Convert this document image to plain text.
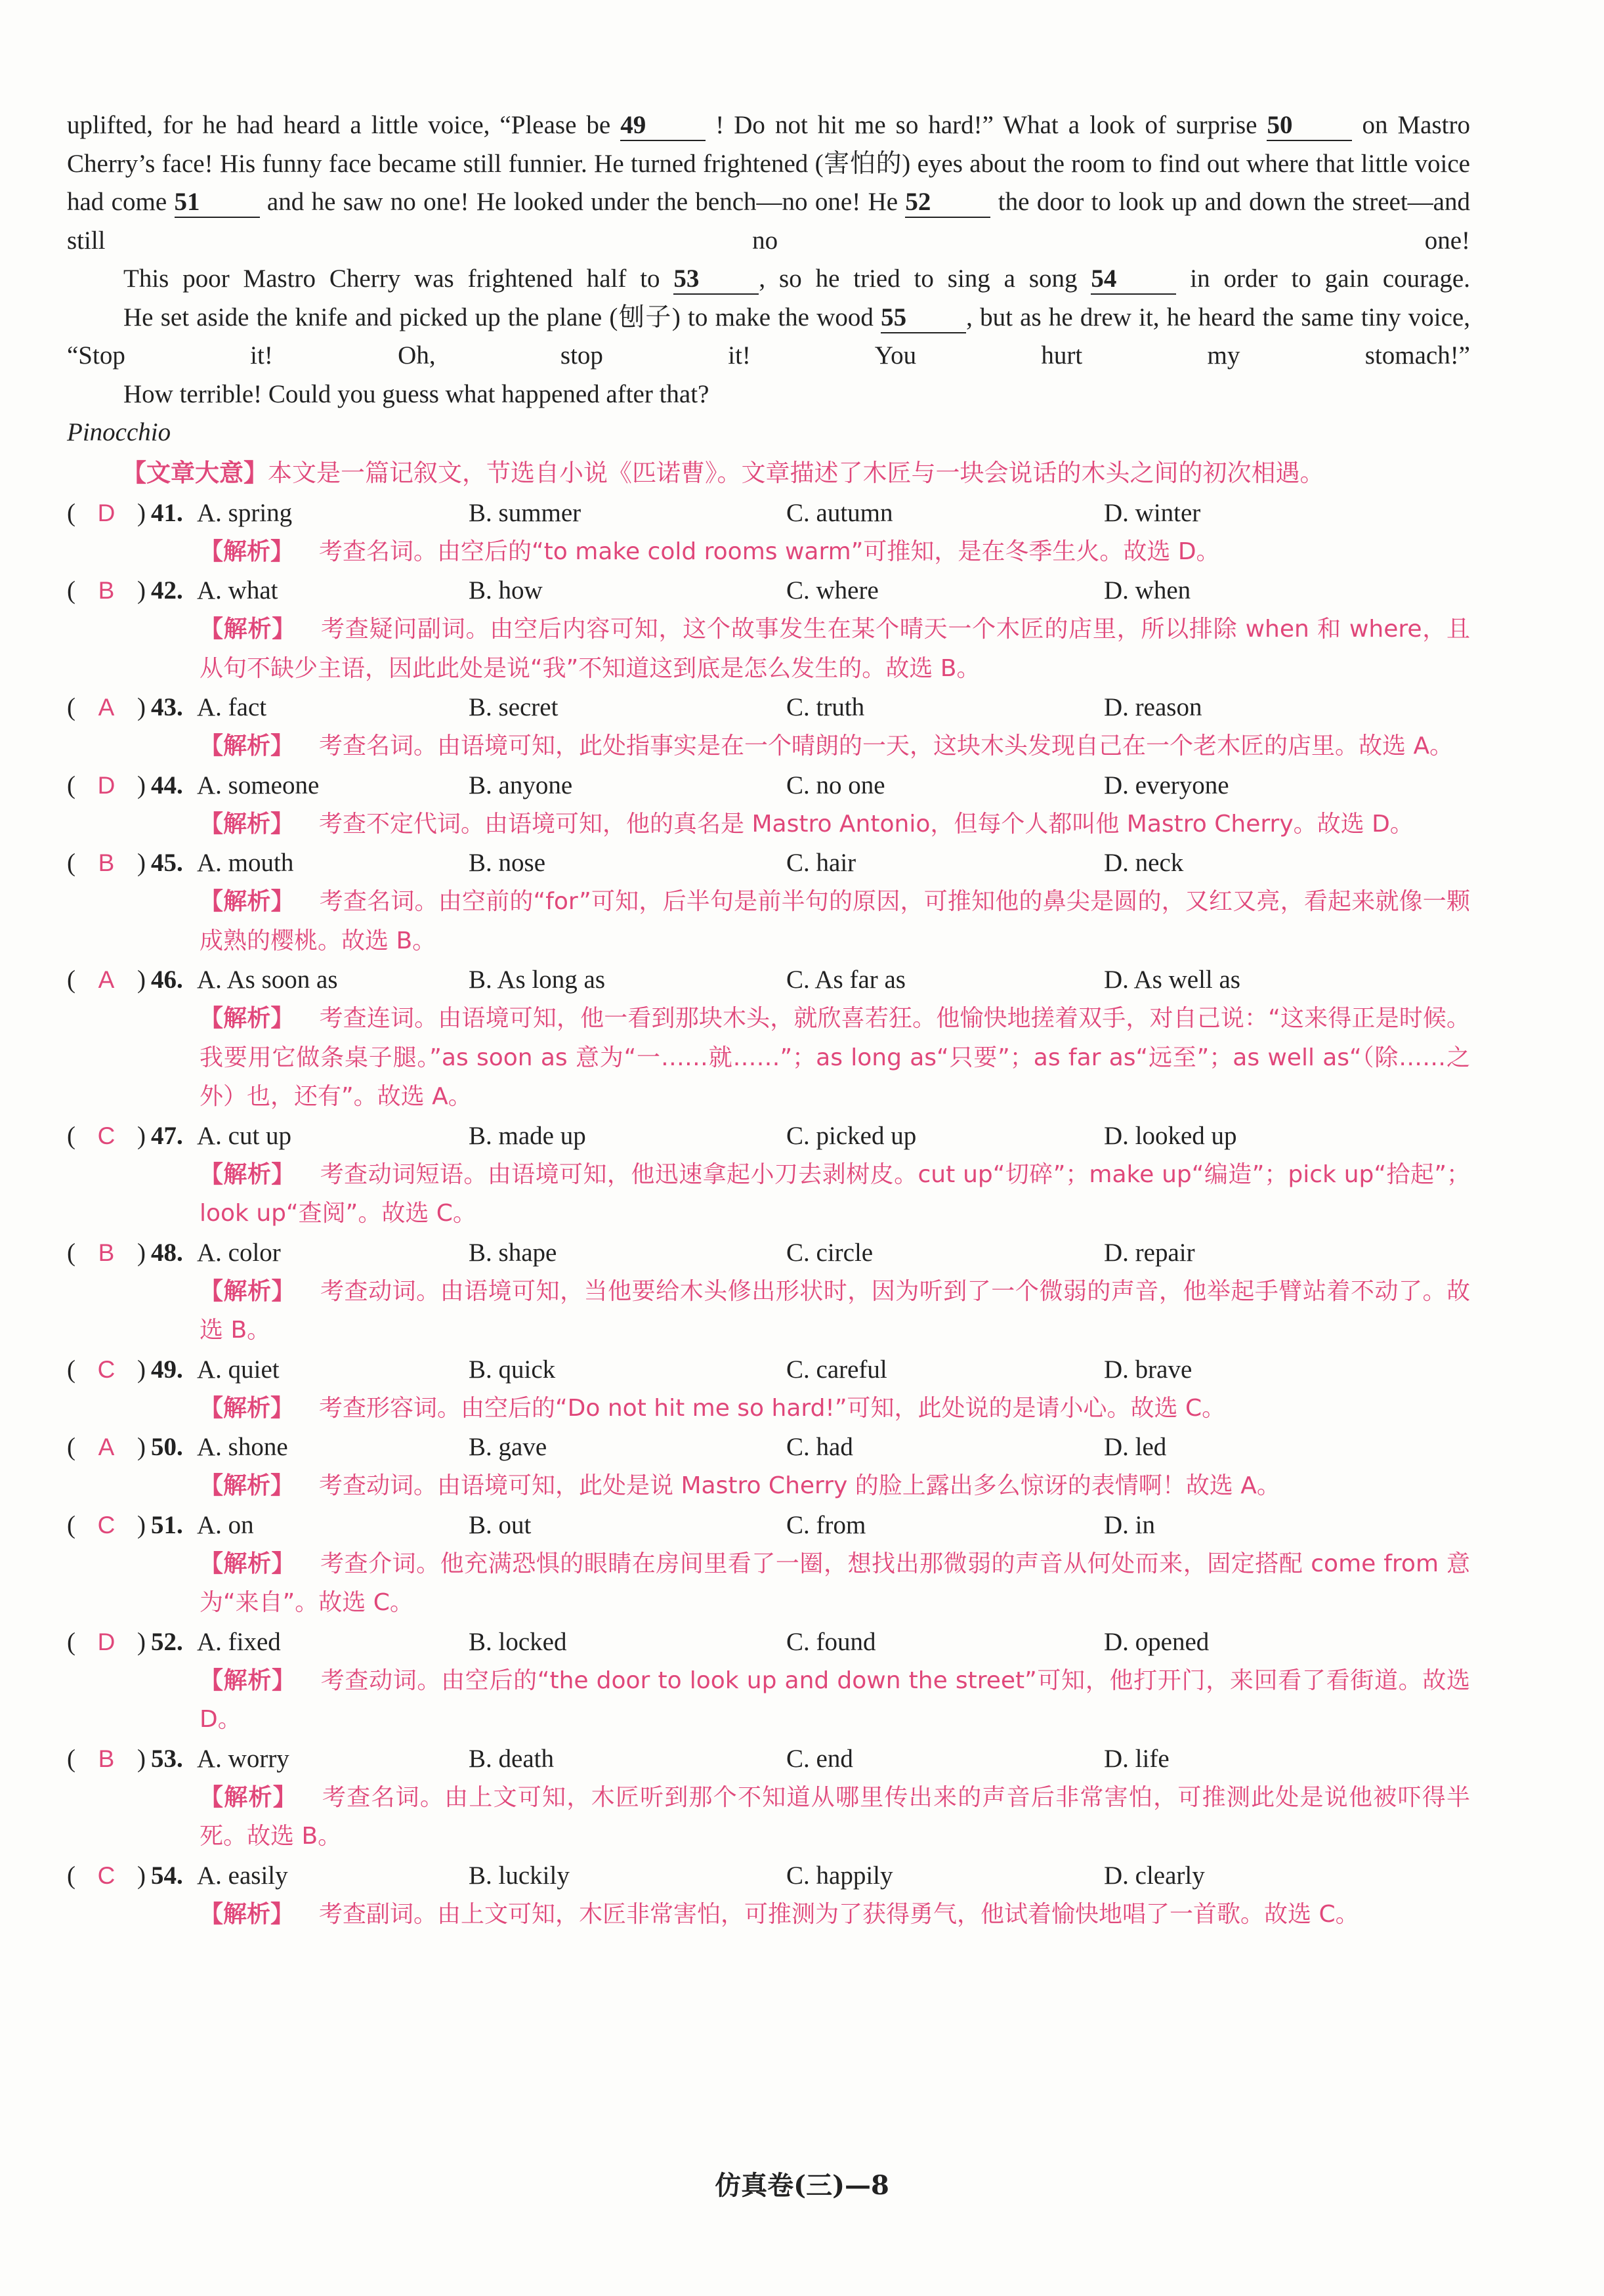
uplifted, for he had heard a little voice, “Please be 49 ! Do not hit me so hard!” What a look of surprise 50 on Mastro Cherry’s face! His funny face became still funnier. He turned frightened (害怕的) eyes about the room to find out where that little voice had come 51 and he saw no one! He looked under the bench—no one! He 52 the door to look up and down the street—and still no one!

This poor Mastro Cherry was frightened half to 53 , so he tried to sing a song 54 in order to gain courage.

He set aside the knife and picked up the plane (刨子) to make the wood 55 , but as he drew it, he heard the same tiny voice, “Stop it! Oh, stop it! You hurt my stomach!”

How terrible! Could you guess what happened after that?

Pinocchio

【文章大意】本文是一篇记叙文，节选自小说《匹诺曹》。文章描述了木匠与一块会说话的木头之间的初次相遇。

( D ) 41. A. spring	B. summer	C. autumn	D. winter

【解析】 考查名词。由空后的“to make cold rooms warm”可推知，是在冬季生火。故选 D。

( B ) 42. A. what	B. how	C. where	D. when

【解析】 考查疑问副词。由空后内容可知，这个故事发生在某个晴天一个木匠的店里，所以排除 when 和 where，且从句不缺少主语，因此此处是说“我”不知道这到底是怎么发生的。故选 B。

( A ) 43. A. fact	B. secret	C. truth	D. reason

【解析】 考查名词。由语境可知，此处指事实是在一个晴朗的一天，这块木头发现自己在一个老木匠的店里。故选 A。

( D ) 44. A. someone	B. anyone	C. no one	D. everyone

【解析】 考查不定代词。由语境可知，他的真名是 Mastro Antonio，但每个人都叫他 Mastro Cherry。故选 D。

( B ) 45. A. mouth	B. nose	C. hair	D. neck

【解析】 考查名词。由空前的“for”可知，后半句是前半句的原因，可推知他的鼻尖是圆的，又红又亮，看起来就像一颗成熟的樱桃。故选 B。

( A ) 46. A. As soon as	B. As long as	C. As far as	D. As well as

【解析】 考查连词。由语境可知，他一看到那块木头，就欣喜若狂。他愉快地搓着双手，对自己说：“这来得正是时候。我要用它做条桌子腿。”as soon as 意为“一……就……”；as long as“只要”；as far as“远至”；as well as“（除……之外）也，还有”。故选 A。

( C ) 47. A. cut up	B. made up	C. picked up	D. looked up

【解析】 考查动词短语。由语境可知，他迅速拿起小刀去剥树皮。cut up“切碎”；make up“编造”；pick up“拾起”；look up“查阅”。故选 C。

( B ) 48. A. color	B. shape	C. circle	D. repair

【解析】 考查动词。由语境可知，当他要给木头修出形状时，因为听到了一个微弱的声音，他举起手臂站着不动了。故选 B。

( C ) 49. A. quiet	B. quick	C. careful	D. brave

【解析】 考查形容词。由空后的“Do not hit me so hard!”可知，此处说的是请小心。故选 C。

( A ) 50. A. shone	B. gave	C. had	D. led

【解析】 考查动词。由语境可知，此处是说 Mastro Cherry 的脸上露出多么惊讶的表情啊！故选 A。

( C ) 51. A. on	B. out	C. from	D. in

【解析】 考查介词。他充满恐惧的眼睛在房间里看了一圈，想找出那微弱的声音从何处而来，固定搭配 come from 意为“来自”。故选 C。

( D ) 52. A. fixed	B. locked	C. found	D. opened

【解析】 考查动词。由空后的“the door to look up and down the street”可知，他打开门，来回看了看街道。故选 D。

( B ) 53. A. worry	B. death	C. end	D. life

【解析】 考查名词。由上文可知，木匠听到那个不知道从哪里传出来的声音后非常害怕，可推测此处是说他被吓得半死。故选 B。

( C ) 54. A. easily	B. luckily	C. happily	D. clearly

【解析】 考查副词。由上文可知，木匠非常害怕，可推测为了获得勇气，他试着愉快地唱了一首歌。故选 C。

仿真卷(三)—8
